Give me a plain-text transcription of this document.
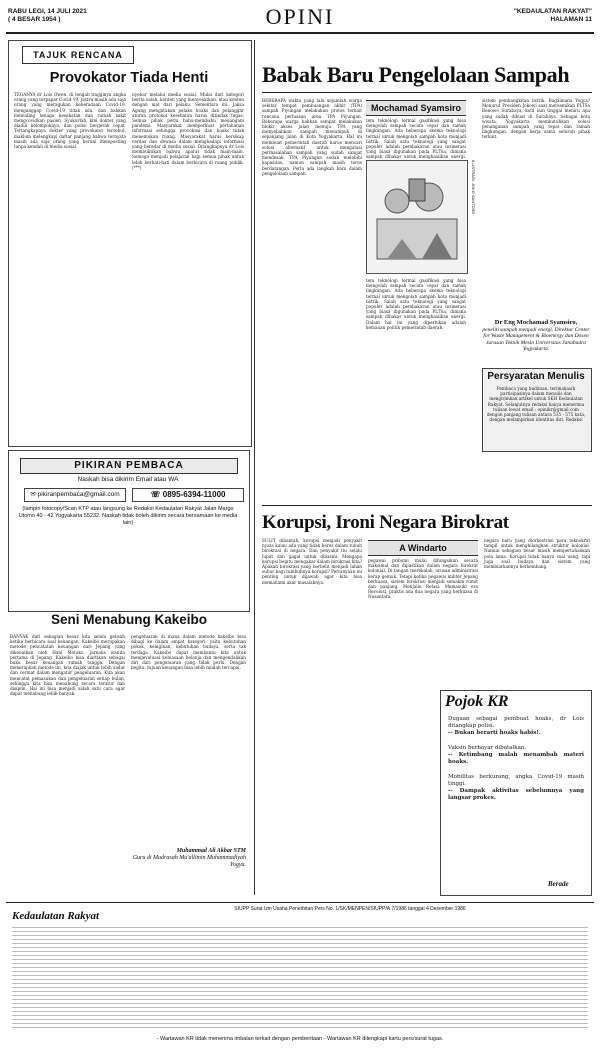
RABU LEGI, 14 JULI 2021
( 4 BESAR 1954 )	OPINI	"KEDAULATAN RAKYAT"
HALAMAN 11
TAJUK RENCANA
Provokator Tiada Henti
TEGANYA dr Lois Owen, di tengah tingginya angka orang yang terpapar Covid-19, justru masih ada saja orang yang meragukan keberadaan Covid-19, menganggap Covid-19 tidak ada, dan bahkan menuding tenaga kesehatan dan rumah sakit mengcovidkan pasien. Syukurlah, kini dokter yang diadili kelompoknya, dan polisi bergerak cepat. Tertangkapnya dokter yang provokator tersebut, maklum melengkapi daftar panjang bahwa ternyata masih ada saja orang yang berani memposting tanpa kendali di media sosial.
nyebar melalui media sosial. Mulai dari kategori berita salah, konten yang menyesatkan, atau konten dengan niat dari pelaku. Sementara itu, Jaksa Agung mengatakan pelaku hoaks dan pelanggar aturan protokol kesehatan harus ditindak tegas. Semua pihak perlu bahu-membahu menangani pandemi. Masyarakat memperkuat pertahanan informasi sehingga provokasi dan hoaks tidak menemukan ruang. Masyarakat harus bersikap cerdas dan dewasa dalam menghadapi informasi yang beredar di media sosial. Ditangkapnya dr Lois membuktikan bahwa aparat tidak main-main. Semoga menjadi pelajaran bagi semua pihak untuk lebih berhati-hati dalam berbicara di ruang publik. (***)
PIKIRAN PEMBACA
Naskah bisa dikirim Email atau WA
✉ pikiranpembaca@gmail.com	☏ 0895-6394-11000
(lampiri fotocopy/Scan KTP atau langsung ke Redaksi Kedaulatan Rakyat Jalan Margo Utomo 40 - 42 Yogyakarta 55232. Naskah tidak boleh dikirim secara bersamaan ke media lain)
Seni Menabung Kakeibo
BANYAK dari sebagian besar kita selalu gelisah ketika berbicara soal keuangan. Kakeibo merupakan metode pencatatan keuangan dari Jepang yang dikenalkan oleh Hani Motoko, jurnalis wanita pertama di Jepang. Kakeibo bisa diartikan sebagai buku besar keuangan rumah tangga. Dengan menerapkan metode ini, kita diajak untuk lebih sadar dan cermat dalam mengatur pengeluaran. Kita akan mencatat pemasukan dan pengeluaran setiap bulan, sehingga kita bisa menabung secara teratur dan disiplin. Hal ini bisa menjadi salah satu cara agar dapat menabung lebih banyak.
pengeluaran di mana dalam metode kakeibo bisa dibagi ke dalam empat kategori, yaitu kebutuhan pokok, keinginan, kebutuhan budaya, serta tak terduga. Kakeibo dapat membantu kita untuk mengevaluasi kebiasaan belanja dan mengendalikan diri dari pengeluaran yang tidak perlu. Dengan begitu, tujuan keuangan bisa lebih mudah tercapai.
Muhammad Ali Akbar STM
Guru di Madrasah Mu'allimin Muhammadiyah Yogya.
Babak Baru Pengelolaan Sampah
BEBERAPA waktu yang lalu sejumlah warga sekitar tempat pembuangan akhir (TPA) sampah Piyungan melakukan protes terkait rencana perluasan area TPA Piyungan. Beberapa warga bahkan sempat melakukan blokir akses jalan menuju TPA yang menyebabkan sampah menumpuk di sepanjang jalan di Kota Yogyakarta. Hal ini membuat pemerintah daerah harus mencari solusi alternatif untuk mengatasi permasalahan sampah yang sudah sangat mendesak. TPA Piyungan sudah melebihi kapasitas, namun sampah masih terus berdatangan. Perlu ada langkah baru dalam pengelolaan sampah.
Mochamad Syamsiro
tem teknologi termal gasifikasi yang bisa mengolah sampah secara cepat dan ramah lingkungan. Ada beberapa skema teknologi termal untuk mengolah sampah kota menjadi listrik. Salah satu teknologi yang sangat populer adalah pembakaran atau insinerasi yang biasa digunakan pada PLTSa, dimana sampah dibakar untuk menghasilkan energi.
ILUSTRASI: JOKO SANTOSO
tem teknologi termal gasifikasi yang bisa mengolah sampah secara cepat dan ramah lingkungan. Ada beberapa skema teknologi termal untuk mengolah sampah kota menjadi listrik. Salah satu teknologi yang sangat populer adalah pembakaran atau insinerasi yang biasa digunakan pada PLTSa, dimana sampah dibakar untuk menghasilkan energi. Dalam hal ini yang diperlukan adalah kemauan politik pemerintah daerah.
sistem pembangkitan listrik. Bagaimana Yogya? Menurut Presiden Jokowi saat meresmikan PLTSa Benowo Surabaya, kota lain tinggal meniru apa yang sudah dibuat di Surabaya. Sebagai kota wisata, Yogyakarta membutuhkan solusi penanganan sampah yang tepat dan ramah lingkungan, dengan kerja sama seluruh pihak terkait.
Dr Eng Mochamad Syamsiro,
peneliti sampah menjadi energi, Direktur Center for Waste Management & Bioenergy dan Dosen Jurusan Teknik Mesin Universitas Janabadra Yogyakarta.
Persyaratan Menulis
Pembaca yang budiman, terimakasih partisipasinya dalam menulis dan mengirimkan artikel untuk SKH Kedaulatan Rakyat. Selanjutnya redaksi hanya menerima tulisan lewat email : opinikr@gmail.com dengan panjang tulisan antara 535 - 575 kata, dengan melampirkan identitas diri. Redaksi
Korupsi, Ironi Negara Birokrat
A Windarto
SULIT dibantah, korupsi menjadi penyakit nyata kalau ada yang tidak beres dalam tubuh birokrasi di negara. Dan penyakit itu selalu luput dan gagal untuk dibasmi. Mengapa korupsi begitu mengakar dalam birokrasi kita? Apakah birokrasi yang berbelit menjadi lahan subur bagi tumbuhnya korupsi? Pertanyaan ini penting untuk dijawab agar kita bisa memahami akar masalahnya.
pegawai pribumi mulai difungsikan secara maksimal dan dipastikan dalam negara birokrat kolonial. Di tangan merekalah, urusan administrasi kerap gemuk. Tetapi ketika pegawai militer Jepang berkuasa, sistem birokrasi menjadi semakin rumit dan panjang. Menjalin Relasi: Memasuki era Revolusi, praktis ada dua negara yang berkuasa di Nusantara.
negara baru yang diorkestrasi para teknokrat tampil untuk menghilangkan struktur kolonial. Namun sebagian besar masih mempertahankan pola lama. Korupsi tidak hanya soal uang, tapi juga soal budaya dan sistem yang membiarkannya berkembang.
Pojok KR
Dugaan sebagai pembuat hoaks, dr Lois ditangkap polisi.
-- Bukan berarti hoaks habis!.
Vaksin berbayar dibatalkan.
-- Ketimbang malah menambah materi hoaks.
Mobilitas berkurang, angka Covid-19 masih tinggi.
-- Dampak aktivitas sebelumnya yang langsar prokes.
Berade
Kedaulatan Rakyat
SIUPP Surat Izin Usaha Penerbitan Pers No. 1/SK/MENPEN/SIUPP/A.7/1986 tanggal 4 Desember 1986
- Wartawan KR tidak menerima imbalan terkait dengan pemberitaan - Wartawan KR dilengkapi kartu pers/surat tugas.
